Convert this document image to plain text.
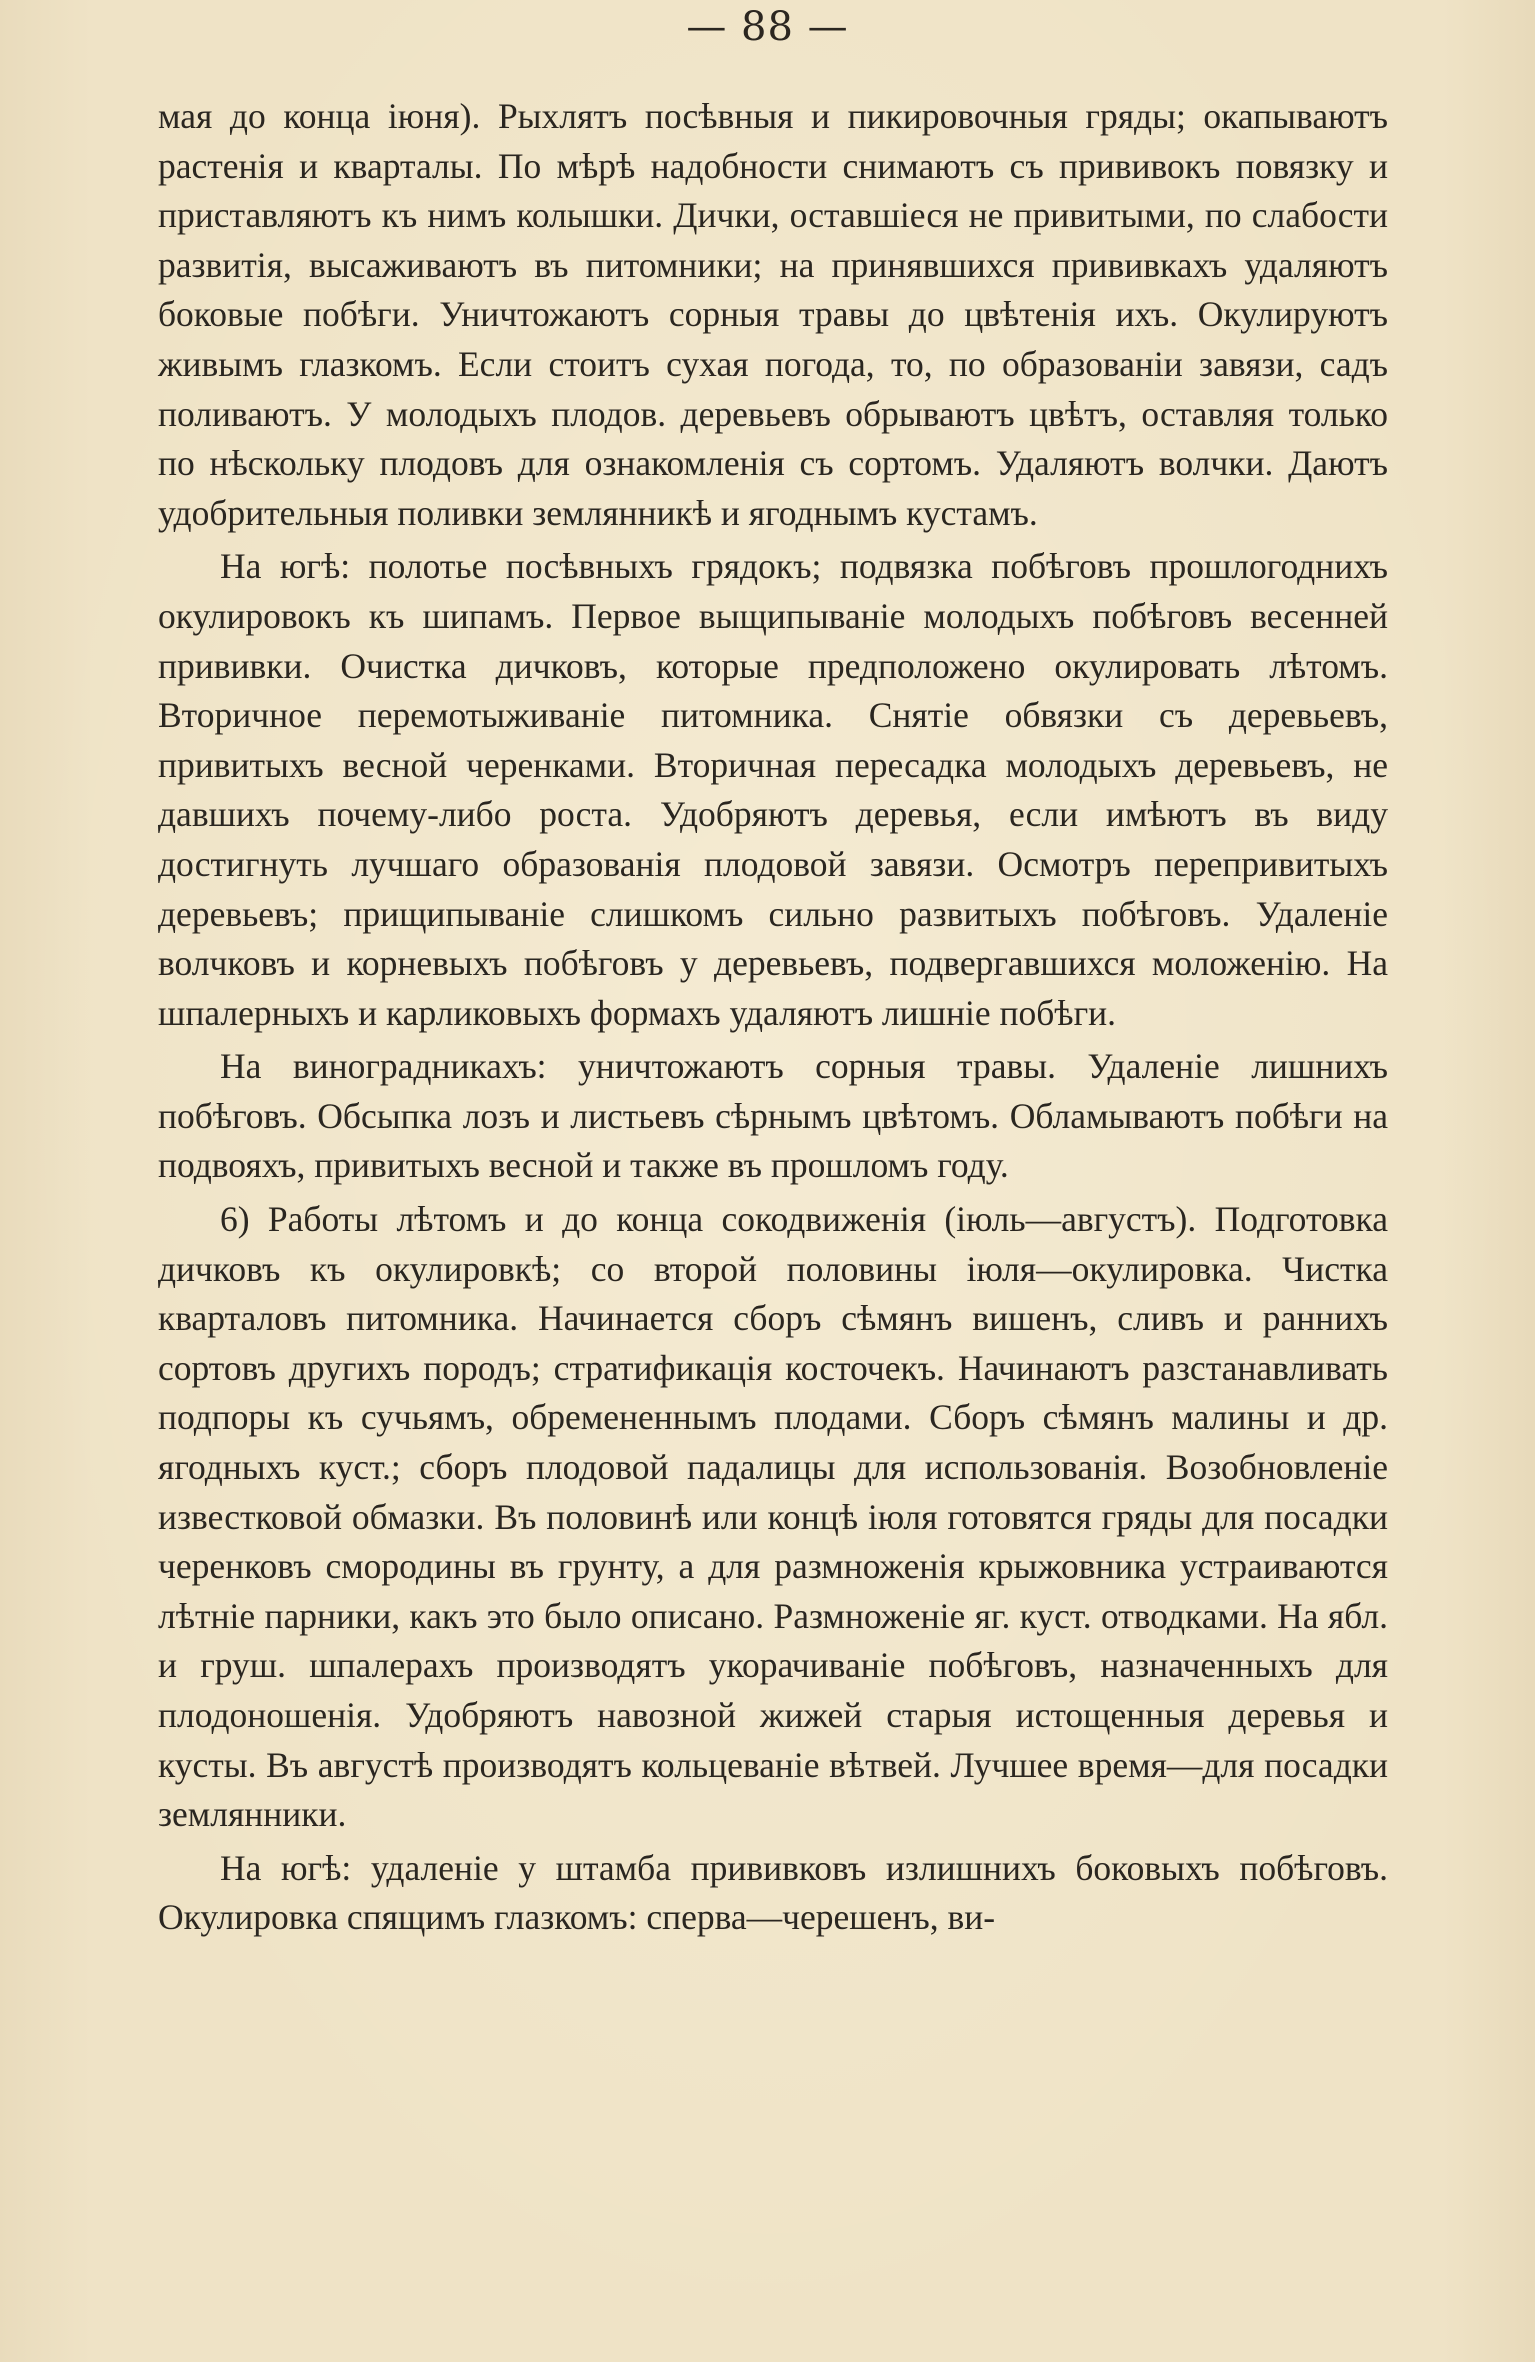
— 88 —

мая до конца іюня). Рыхлятъ посѣвныя и пикировочныя гряды; окапываютъ растенія и кварталы. По мѣрѣ надобности снимаютъ съ прививокъ повязку и приставляютъ къ нимъ колышки. Дички, оставшіеся не привитыми, по слабости развитія, высаживаютъ въ питомники; на принявшихся прививкахъ удаляютъ боковые побѣги. Уничтожаютъ сорныя травы до цвѣтенія ихъ. Окулируютъ живымъ глазкомъ. Если стоитъ сухая погода, то, по образованіи завязи, садъ поливаютъ. У молодыхъ плодов. деревьевъ обрываютъ цвѣтъ, оставляя только по нѣскольку плодовъ для ознакомленія съ сортомъ. Удаляютъ волчки. Даютъ удобрительныя поливки землянникѣ и ягоднымъ кустамъ.

На югѣ: полотье посѣвныхъ грядокъ; подвязка побѣговъ прошлогоднихъ окулировокъ къ шипамъ. Первое выщипываніе молодыхъ побѣговъ весенней прививки. Очистка дичковъ, которые предположено окулировать лѣтомъ. Вторичное перемотыживаніе питомника. Снятіе обвязки съ деревьевъ, привитыхъ весной черенками. Вторичная пересадка молодыхъ деревьевъ, не давшихъ почему-либо роста. Удобряютъ деревья, если имѣютъ въ виду достигнуть лучшаго образованія плодовой завязи. Осмотръ перепривитыхъ деревьевъ; прищипываніе слишкомъ сильно развитыхъ побѣговъ. Удаленіе волчковъ и корневыхъ побѣговъ у деревьевъ, подвергавшихся моложенію. На шпалерныхъ и карликовыхъ формахъ удаляютъ лишніе побѣги.

На виноградникахъ: уничтожаютъ сорныя травы. Удаленіе лишнихъ побѣговъ. Обсыпка лозъ и листьевъ сѣрнымъ цвѣтомъ. Обламываютъ побѣги на подвояхъ, привитыхъ весной и также въ прошломъ году.

6) Работы лѣтомъ и до конца сокодвиженія (іюль—августъ). Подготовка дичковъ къ окулировкѣ; со второй половины іюля—окулировка. Чистка кварталовъ питомника. Начинается сборъ сѣмянъ вишенъ, сливъ и раннихъ сортовъ другихъ породъ; стратификація косточекъ. Начинаютъ разстанавливать подпоры къ сучьямъ, обремененнымъ плодами. Сборъ сѣмянъ малины и др. ягодныхъ куст.; сборъ плодовой падалицы для использованія. Возобновленіе известковой обмазки. Въ половинѣ или концѣ іюля готовятся гряды для посадки черенковъ смородины въ грунту, а для размноженія крыжовника устраиваются лѣтніе парники, какъ это было описано. Размноженіе яг. куст. отводками. На ябл. и груш. шпалерахъ производятъ укорачиваніе побѣговъ, назначенныхъ для плодоношенія. Удобряютъ навозной жижей старыя истощенныя деревья и кусты. Въ августѣ производятъ кольцеваніе вѣтвей. Лучшее время—для посадки землянники.

На югѣ: удаленіе у штамба прививковъ излишнихъ боковыхъ побѣговъ. Окулировка спящимъ глазкомъ: сперва—черешенъ, ви-
